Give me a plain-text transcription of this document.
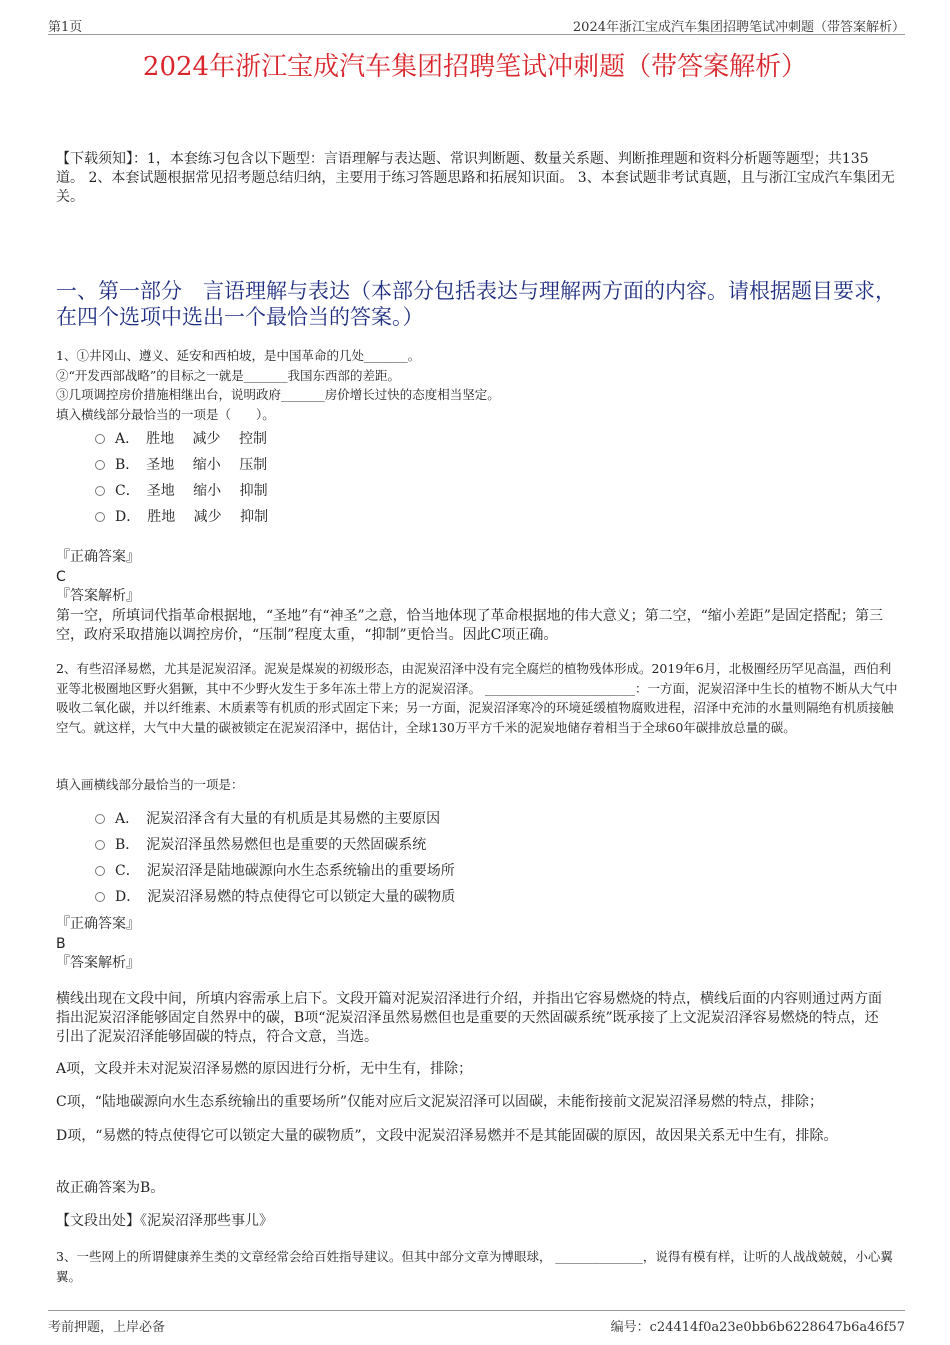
第1页	2024年浙江宝成汽车集团招聘笔试冲刺题（带答案解析）
2024年浙江宝成汽车集团招聘笔试冲刺题（带答案解析）
【下载须知】：1，本套练习包含以下题型：言语理解与表达题、常识判断题、数量关系题、判断推理题和资料分析题等题型；共135道。 2、本套试题根据常见招考题总结归纳，主要用于练习答题思路和拓展知识面。 3、本套试题非考试真题，且与浙江宝成汽车集团无关。
一、第一部分　言语理解与表达（本部分包括表达与理解两方面的内容。请根据题目要求，在四个选项中选出一个最恰当的答案。）

1、①井冈山、遵义、延安和西柏坡，是中国革命的几处_______。

②“开发西部战略”的目标之一就是_______我国东西部的差距。

③几项调控房价措施相继出台，说明政府_______房价增长过快的态度相当坚定。

填入横线部分最恰当的一项是（　　）。

A．　胜地　 减少　 控制
B．　圣地　 缩小　 压制
C．　圣地　 缩小　 抑制
D．　胜地　 减少　 抑制

『正确答案』

C

『答案解析』

第一空，所填词代指革命根据地，“圣地”有“神圣”之意，恰当地体现了革命根据地的伟大意义；第二空，“缩小差距”是固定搭配；第三空，政府采取措施以调控房价，“压制”程度太重，“抑制”更恰当。因此C项正确。

2、有些沼泽易燃，尤其是泥炭沼泽。泥炭是煤炭的初级形态，由泥炭沼泽中没有完全腐烂的植物残体形成。2019年6月，北极圈经历罕见高温，西伯利亚等北极圈地区野火猖獗，其中不少野火发生于多年冻土带上方的泥炭沼泽。 ________________________：一方面，泥炭沼泽中生长的植物不断从大气中吸收二氧化碳，并以纤维素、木质素等有机质的形式固定下来；另一方面，泥炭沼泽寒冷的环境延缓植物腐败进程，沼泽中充沛的水量则隔绝有机质接触空气。就这样，大气中大量的碳被锁定在泥炭沼泽中，据估计，全球130万平方千米的泥炭地储存着相当于全球60年碳排放总量的碳。

填入画横线部分最恰当的一项是：

A．　泥炭沼泽含有大量的有机质是其易燃的主要原因
B．　泥炭沼泽虽然易燃但也是重要的天然固碳系统
C．　泥炭沼泽是陆地碳源向水生态系统输出的重要场所
D．　泥炭沼泽易燃的特点使得它可以锁定大量的碳物质

『正确答案』

B

『答案解析』

横线出现在文段中间，所填内容需承上启下。文段开篇对泥炭沼泽进行介绍，并指出它容易燃烧的特点，横线后面的内容则通过两方面指出泥炭沼泽能够固定自然界中的碳，B项“泥炭沼泽虽然易燃但也是重要的天然固碳系统”既承接了上文泥炭沼泽容易燃烧的特点，还引出了泥炭沼泽能够固碳的特点，符合文意，当选。
A项，文段并未对泥炭沼泽易燃的原因进行分析，无中生有，排除；
C项，“陆地碳源向水生态系统输出的重要场所”仅能对应后文泥炭沼泽可以固碳，未能衔接前文泥炭沼泽易燃的特点，排除；
D项，“易燃的特点使得它可以锁定大量的碳物质”，文段中泥炭沼泽易燃并不是其能固碳的原因，故因果关系无中生有，排除。
故正确答案为B。
【文段出处】《泥炭沼泽那些事儿》

3、一些网上的所谓健康养生类的文章经常会给百姓指导建议。但其中部分文章为博眼球， ______________，说得有模有样，让听的人战战兢兢，小心翼翼。

考前押题，上岸必备	编号：c24414f0a23e0bb6b6228647b6a46f57
